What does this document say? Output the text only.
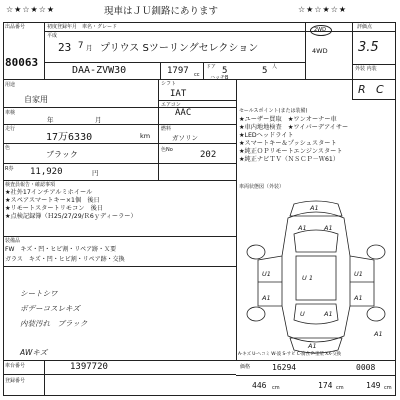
☆★☆★☆★	現車はＪＵ釧路にあります	☆★☆★☆★
出品番号
80063
初度登録年月　車名・グレード
平成
23 7 月 プリウス Sツーリングセレクション
DAA-ZVW30	1797 cc
ドア 5	5 人
ハッチB
2WD
4WD
評価点
3.5
外装 内装
R C
用途
自家用
車検
年	月
走行
17万6330	km
色
ブラック
R券 11,920	円
シフト
IAT
エアコン
AAC
燃料
ガソリン
色No	202
セールスポイント(または装備)
★ユーザー買取　★ワンオーナー車
★車内地地検査　★ワイパーデアイサー
★LEDヘッドライト
★スマートキー＆プッシュスタート
★純正ＯＰリモートエンジンスタート
★純正ナビＴＶ（ＮＳＣＰ－Ｗ61）
検査員報告・確認事項
★社外17インチアルミホイール
★スペアスマートキー×1個　後日
★リモートスタートリモコン　後日
★点検記録簿（Ｈ25/27/29/Ｒ6ｙディーラー）
装備品
FW　キズ・凹・ヒビ割・リペア跡・Ｘ要
ガラス　キズ・凹・ヒビ割・リペア跡・交換
シートシワ
ボデーコスレキズ
内装汚れ　ブラック
AWキズ
車両状態図（外装）
A1
A1	A1
U1
A1
U1
U 1
A1
U	A1
A1
A1
車台番号	1397720
登録番号
A-キズ U-ヘコミ W-波 S-サビ C-腐食 P-塗装 XX-交換
価格	16294	0008
446 cm	174 cm	149 cm
